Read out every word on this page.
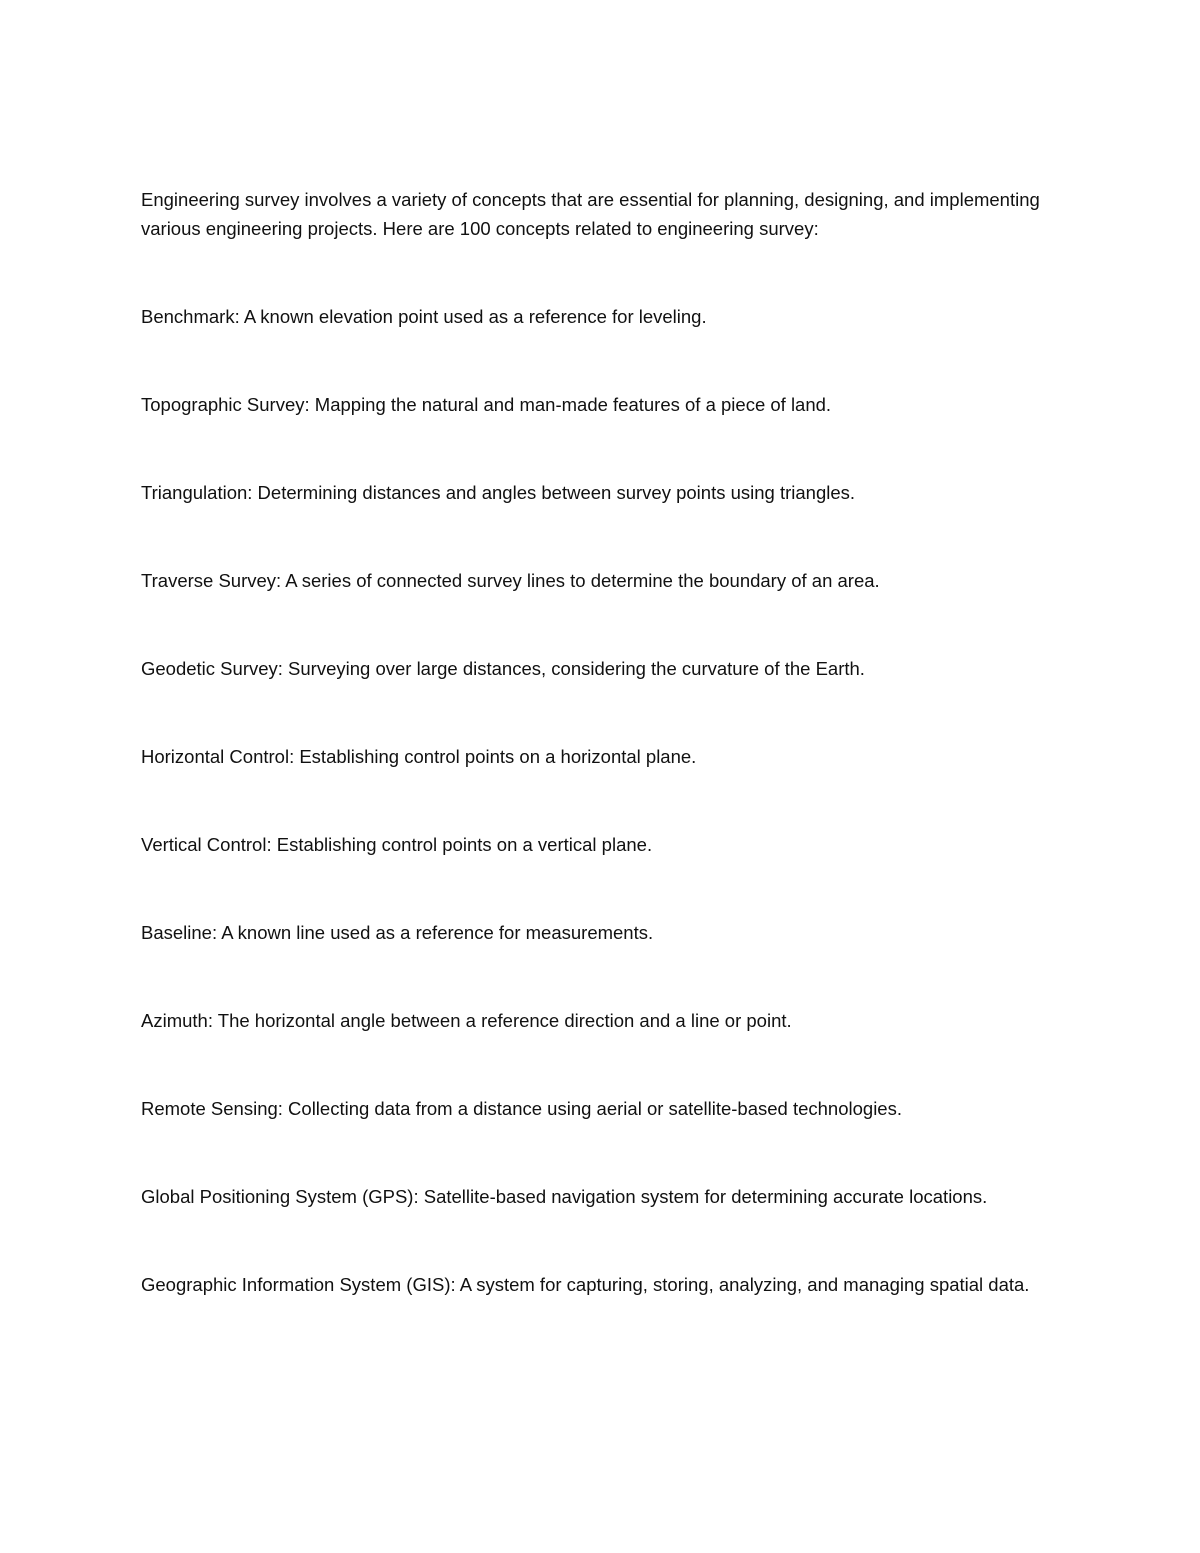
Engineering survey involves a variety of concepts that are essential for planning, designing, and implementing various engineering projects. Here are 100 concepts related to engineering survey:

Benchmark: A known elevation point used as a reference for leveling.

Topographic Survey: Mapping the natural and man-made features of a piece of land.

Triangulation: Determining distances and angles between survey points using triangles.

Traverse Survey: A series of connected survey lines to determine the boundary of an area.

Geodetic Survey: Surveying over large distances, considering the curvature of the Earth.

Horizontal Control: Establishing control points on a horizontal plane.

Vertical Control: Establishing control points on a vertical plane.

Baseline: A known line used as a reference for measurements.

Azimuth: The horizontal angle between a reference direction and a line or point.

Remote Sensing: Collecting data from a distance using aerial or satellite-based technologies.

Global Positioning System (GPS): Satellite-based navigation system for determining accurate locations.

Geographic Information System (GIS): A system for capturing, storing, analyzing, and managing spatial data.
